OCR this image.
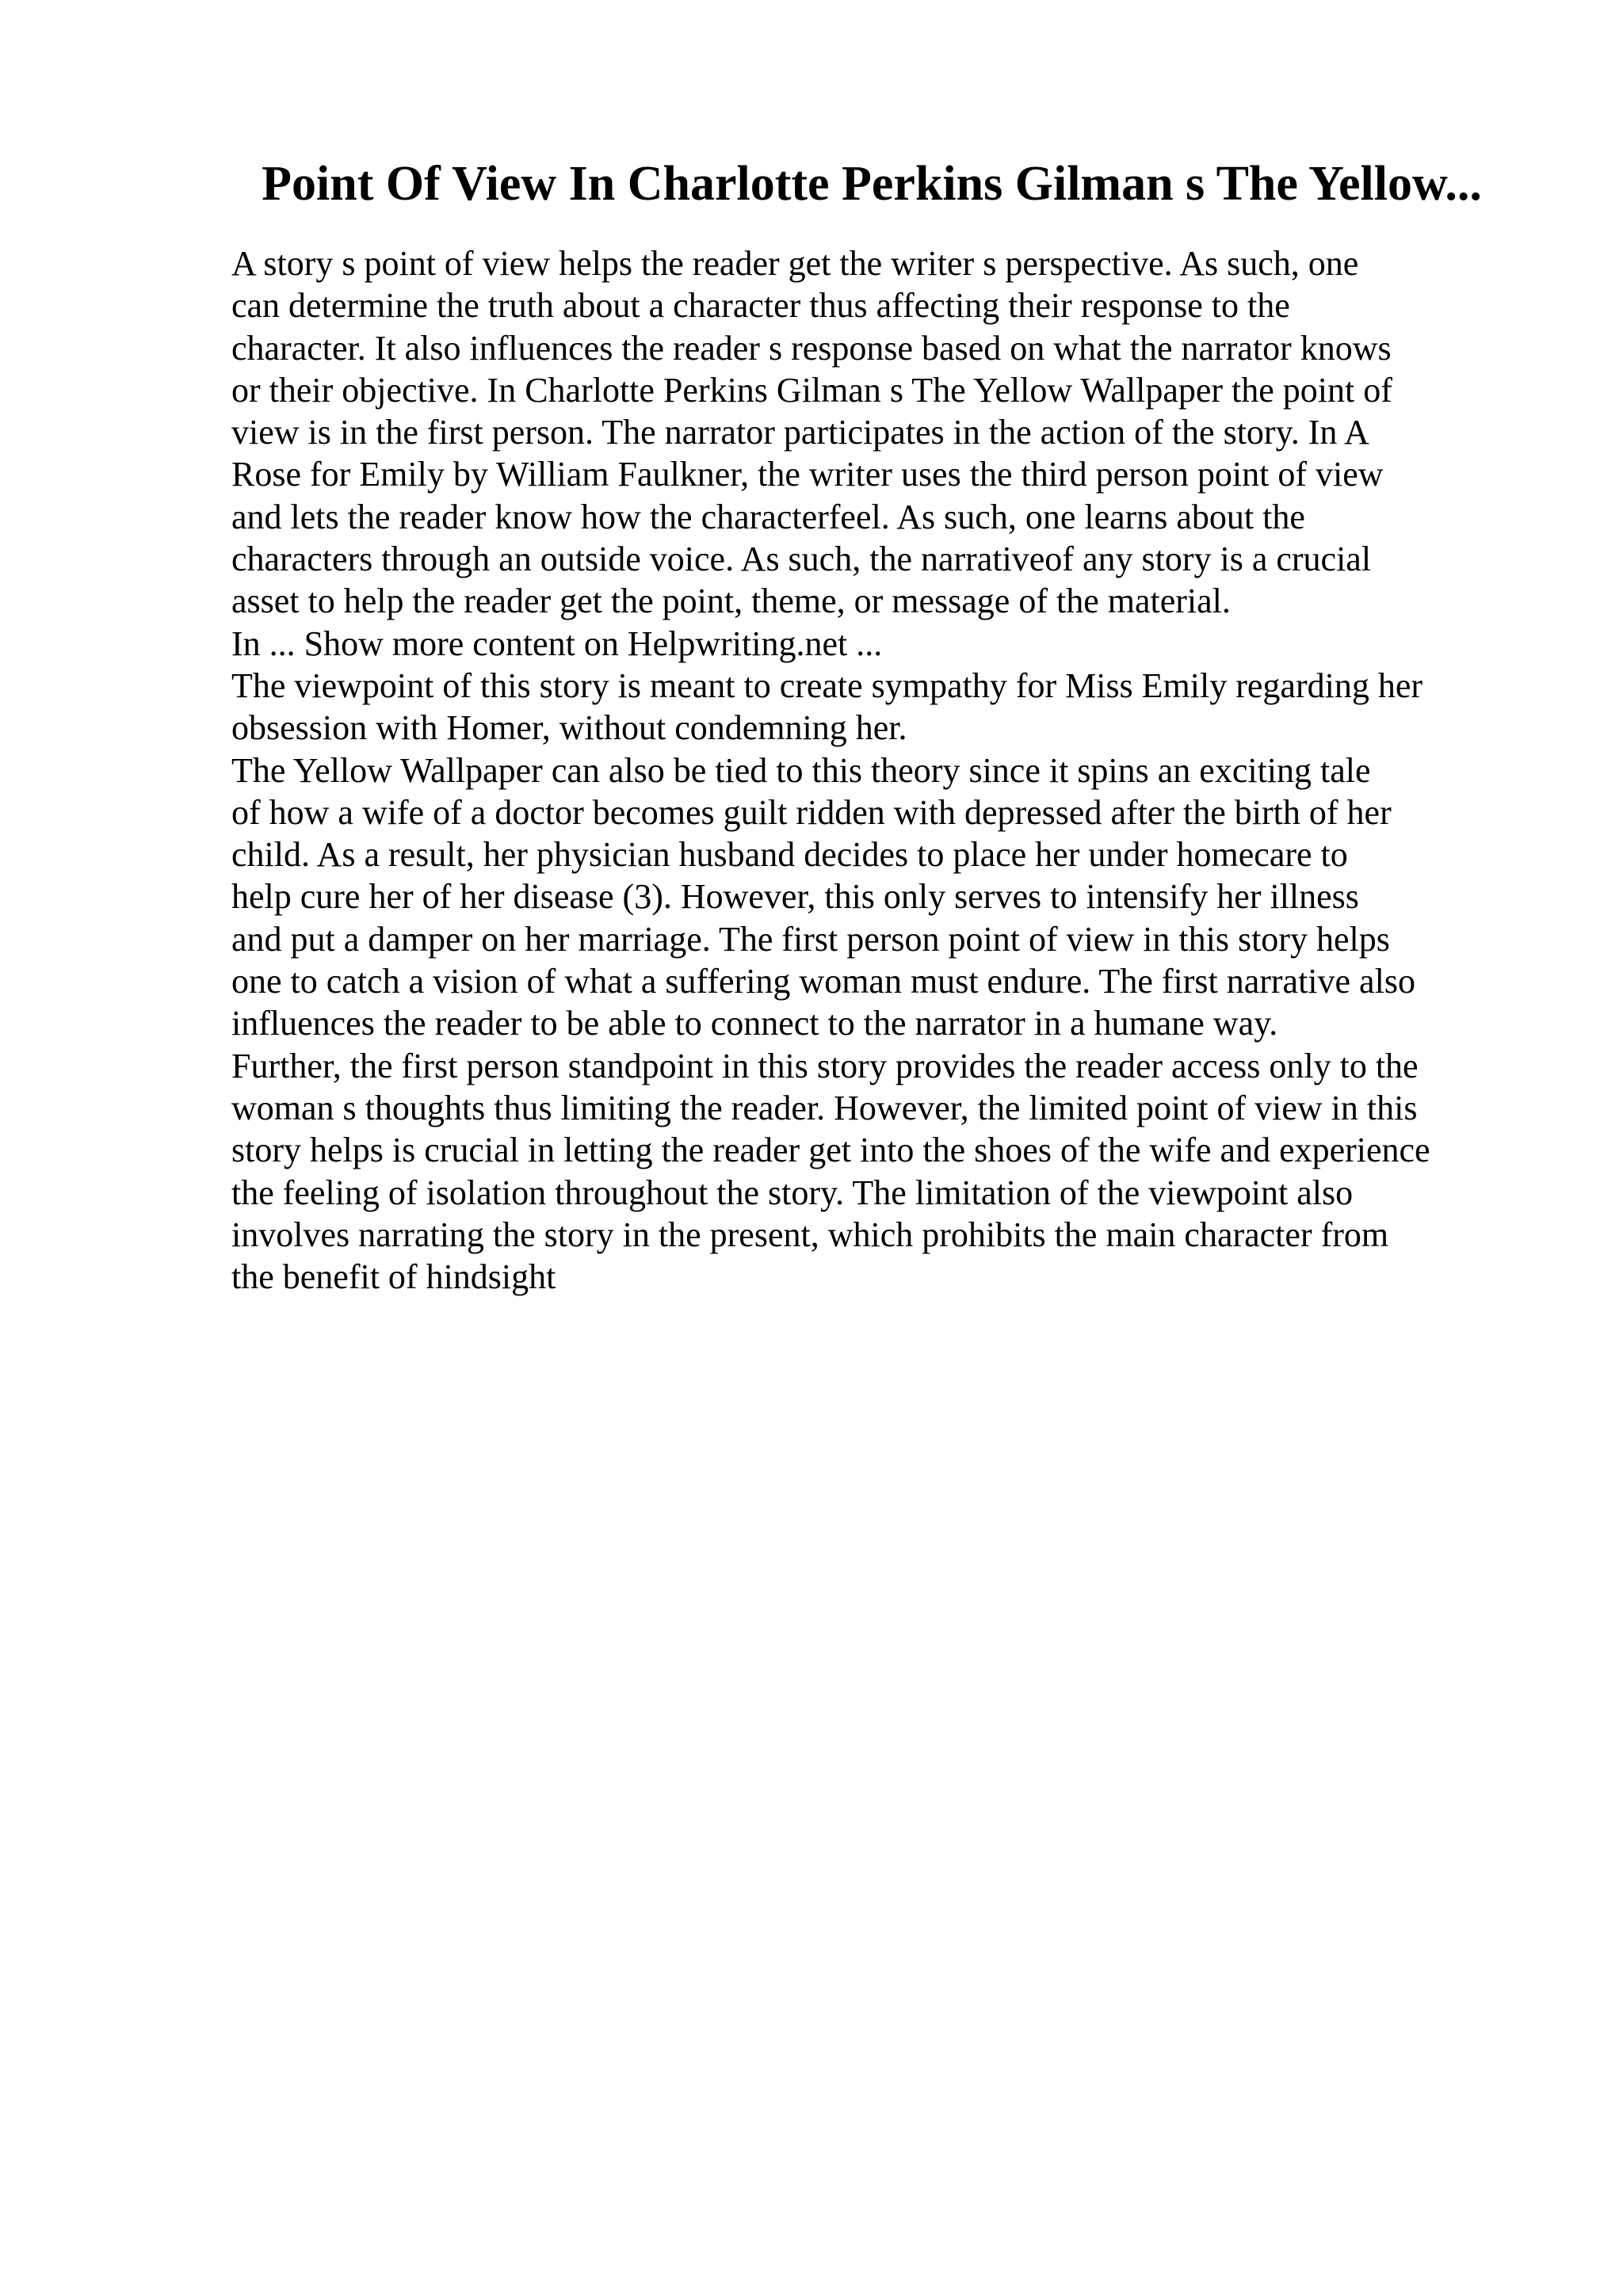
Point Of View In Charlotte Perkins Gilman s The Yellow...
A story s point of view helps the reader get the writer s perspective. As such, one
can determine the truth about a character thus affecting their response to the
character. It also influences the reader s response based on what the narrator knows
or their objective. In Charlotte Perkins Gilman s The Yellow Wallpaper the point of
view is in the first person. The narrator participates in the action of the story. In A
Rose for Emily by William Faulkner, the writer uses the third person point of view
and lets the reader know how the characterfeel. As such, one learns about the
characters through an outside voice. As such, the narrativeof any story is a crucial
asset to help the reader get the point, theme, or message of the material.
In ... Show more content on Helpwriting.net ...
The viewpoint of this story is meant to create sympathy for Miss Emily regarding her
obsession with Homer, without condemning her.
The Yellow Wallpaper can also be tied to this theory since it spins an exciting tale
of how a wife of a doctor becomes guilt ridden with depressed after the birth of her
child. As a result, her physician husband decides to place her under homecare to
help cure her of her disease (3). However, this only serves to intensify her illness
and put a damper on her marriage. The first person point of view in this story helps
one to catch a vision of what a suffering woman must endure. The first narrative also
influences the reader to be able to connect to the narrator in a humane way.
Further, the first person standpoint in this story provides the reader access only to the
woman s thoughts thus limiting the reader. However, the limited point of view in this
story helps is crucial in letting the reader get into the shoes of the wife and experience
the feeling of isolation throughout the story. The limitation of the viewpoint also
involves narrating the story in the present, which prohibits the main character from
the benefit of hindsight
